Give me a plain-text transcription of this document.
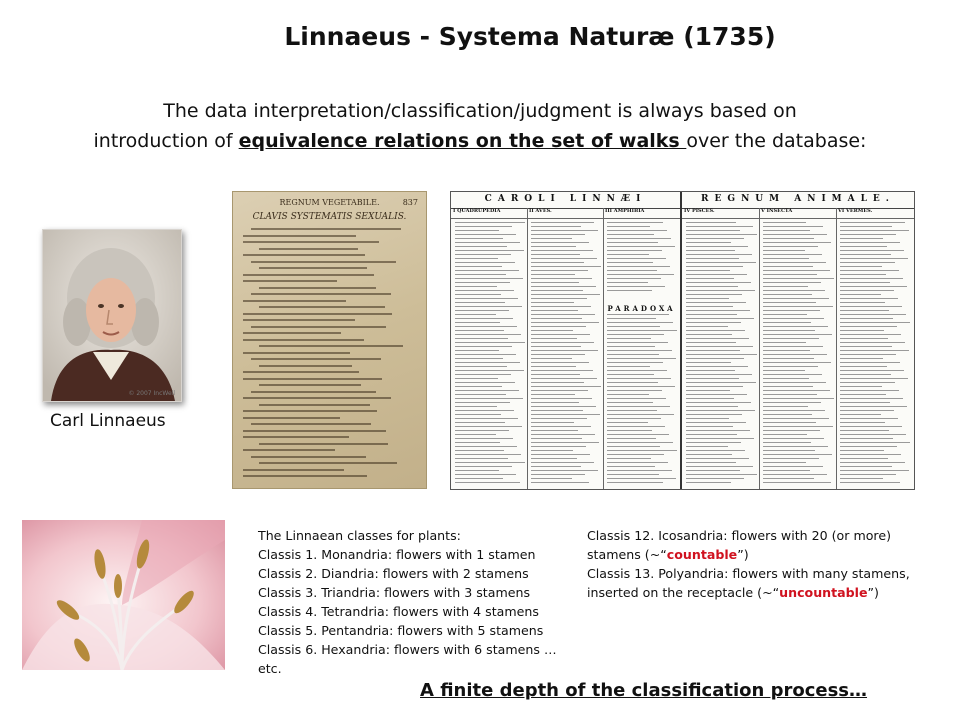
Linnaeus - Systema Naturæ (1735)
The data interpretation/classification/judgment is always based on
introduction of equivalence relations on the set of walks over the database:
© 2007 IncWell
Carl Linnaeus
REGNUM VEGETABILE.	837
CLAVIS SYSTEMATIS SEXUALIS.
CAROLI LINNÆI
I QUADRUPEDIA	II AVES.	III AMPHIBIA
PARADOXA
REGNUM ANIMALE.
IV PISCES.	V INSECTA	VI VERMES.
The Linnaean classes for plants:
Classis 1. Monandria: flowers with 1 stamen
Classis 2. Diandria: flowers with 2 stamens
Classis 3. Triandria: flowers with 3 stamens
Classis 4. Tetrandria: flowers with 4 stamens
Classis 5. Pentandria: flowers with 5 stamens
Classis 6. Hexandria: flowers with 6 stamens …
etc.
Classis 12. Icosandria: flowers with 20 (or more)
stamens (~“countable”)
Classis 13. Polyandria: flowers with many stamens,
inserted on the receptacle (~“uncountable”)
A finite depth of the classification process…
